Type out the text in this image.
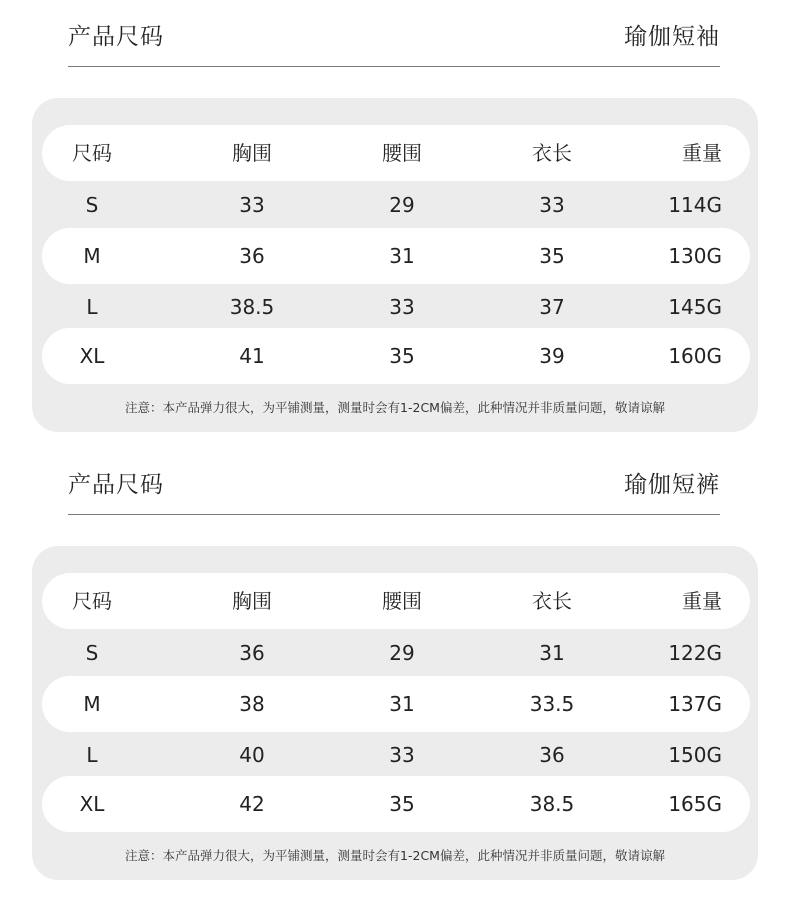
产品尺码	瑜伽短袖
尺码	胸围	腰围	衣长	重量
S	33	29	33	114G
M	36	31	35	130G
L	38.5	33	37	145G
XL	41	35	39	160G
注意：本产品弹力很大，为平铺测量，测量时会有1-2CM偏差，此种情况并非质量问题，敬请谅解
产品尺码	瑜伽短裤
尺码	胸围	腰围	衣长	重量
S	36	29	31	122G
M	38	31	33.5	137G
L	40	33	36	150G
XL	42	35	38.5	165G
注意：本产品弹力很大，为平铺测量，测量时会有1-2CM偏差，此种情况并非质量问题，敬请谅解
